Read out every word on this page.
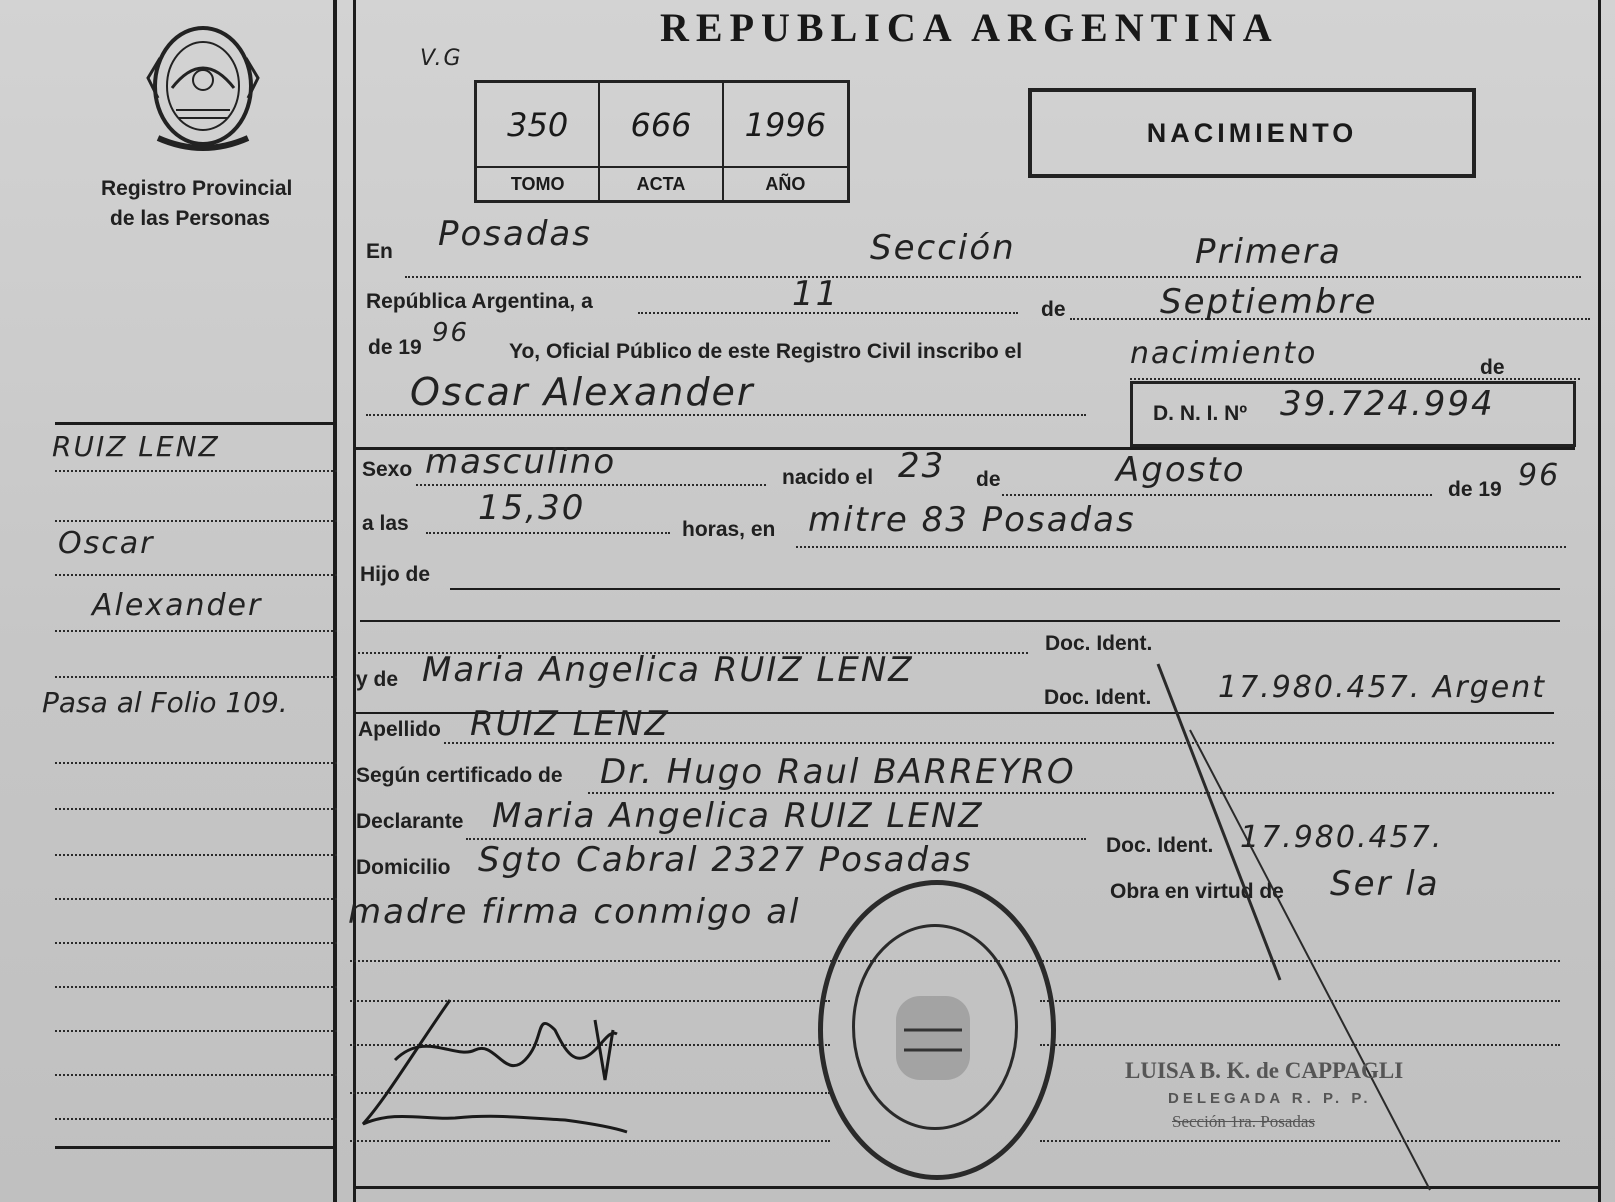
Registro Provincial
de las Personas
REPUBLICA ARGENTINA
V.G
350	666	1996
TOMO	ACTA	AÑO
NACIMIENTO
En Posadas	Sección	Primera
República Argentina, a	11	de	Septiembre
de 19 96
Yo, Oficial Público de este Registro Civil inscribo el	nacimiento	de
Oscar Alexander	D. N. I. Nº 39.724.994
Sexo masculino	nacido el 23 de	Agosto	de 19 96
a las 15,30
horas, en mitre 83 Posadas
Hijo de
Doc. Ident.
y de Maria Angelica RUIZ LENZ
Doc. Ident. 17.980.457. Argent
Apellido RUIZ LENZ
Según certificado de Dr. Hugo Raul BARREYRO
Declarante Maria Angelica RUIZ LENZ
Doc. Ident. 17.980.457.
Domicilio Sgto Cabral 2327 Posadas
Obra en virtud de Ser la
madre firma conmigo al
RUIZ LENZ
Oscar
Alexander
Pasa al Folio 109.
LUISA B. K. de CAPPAGLI
DELEGADA R. P. P.
Sección 1ra. Posadas
